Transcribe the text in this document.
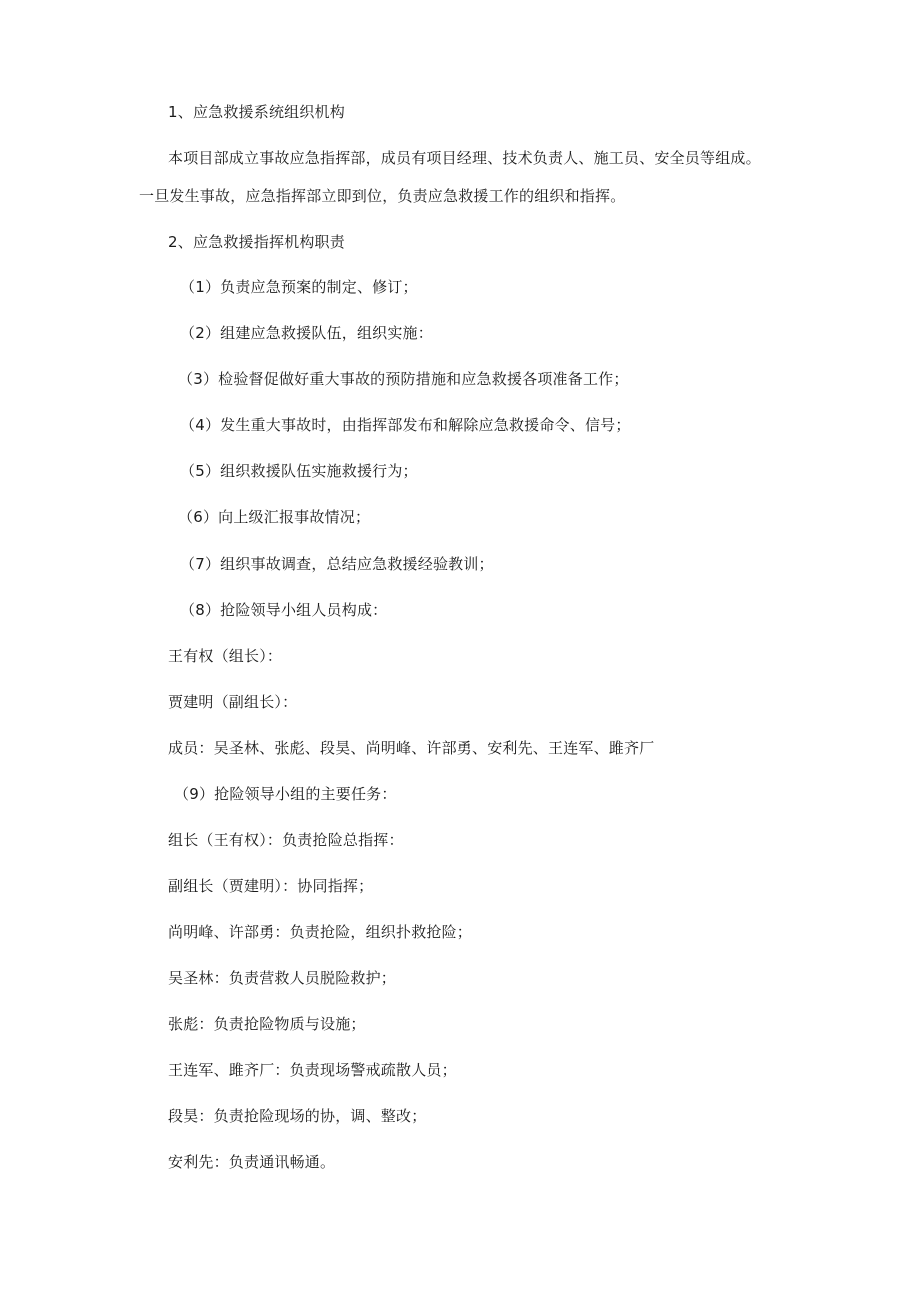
1、应急救援系统组织机构
本项目部成立事故应急指挥部，成员有项目经理、技术负责人、施工员、安全员等组成。
一旦发生事故，应急指挥部立即到位，负责应急救援工作的组织和指挥。
2、应急救援指挥机构职责
（1）负责应急预案的制定、修订；
（2）组建应急救援队伍，组织实施：
（3）检验督促做好重大事故的预防措施和应急救援各项准备工作；
（4）发生重大事故时，由指挥部发布和解除应急救援命令、信号；
（5）组织救援队伍实施救援行为；
（6）向上级汇报事故情况；
（7）组织事故调查，总结应急救援经验教训；
（8）抢险领导小组人员构成：
王有权（组长）：
贾建明（副组长）：
成员：吴圣林、张彪、段昊、尚明峰、许部勇、安利先、王连军、雎齐厂
（9）抢险领导小组的主要任务：
组长（王有权）：负责抢险总指挥：
副组长（贾建明）：协同指挥；
尚明峰、许部勇：负责抢险，组织扑救抢险；
吴圣林：负责营救人员脱险救护；
张彪：负责抢险物质与设施；
王连军、雎齐厂：负责现场警戒疏散人员；
段昊：负责抢险现场的协，调、整改；
安利先：负责通讯畅通。
